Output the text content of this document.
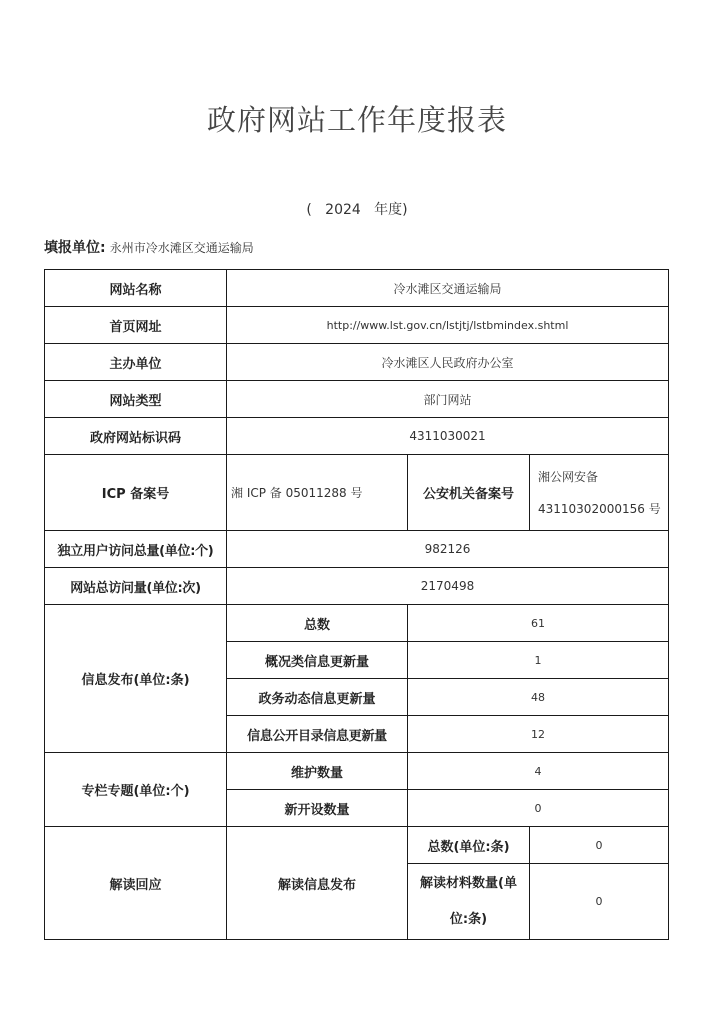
政府网站工作年度报表
(   2024   年度)
填报单位: 永州市冷水滩区交通运输局
网站名称	冷水滩区交通运输局		
首页网址	http://www.lst.gov.cn/lstjtj/lstbmindex.shtml		
主办单位	冷水滩区人民政府办公室		
网站类型	部门网站		
政府网站标识码	4311030021		
ICP 备案号	湘 ICP 备 05011288 号	公安机关备案号	湘公网安备
43110302000156 号

独立用户访问总量(单位:个)	982126		
网站总访问量(单位:次)	2170498		
信息发布(单位:条)	总数	61	
	概况类信息更新量	1	
	政务动态信息更新量	48	
	信息公开目录信息更新量	12	
专栏专题(单位:个)	维护数量	4	
	新开设数量	0	
解读回应	解读信息发布	总数(单位:条)	0

		解读材料数量(单
位:条)	0
